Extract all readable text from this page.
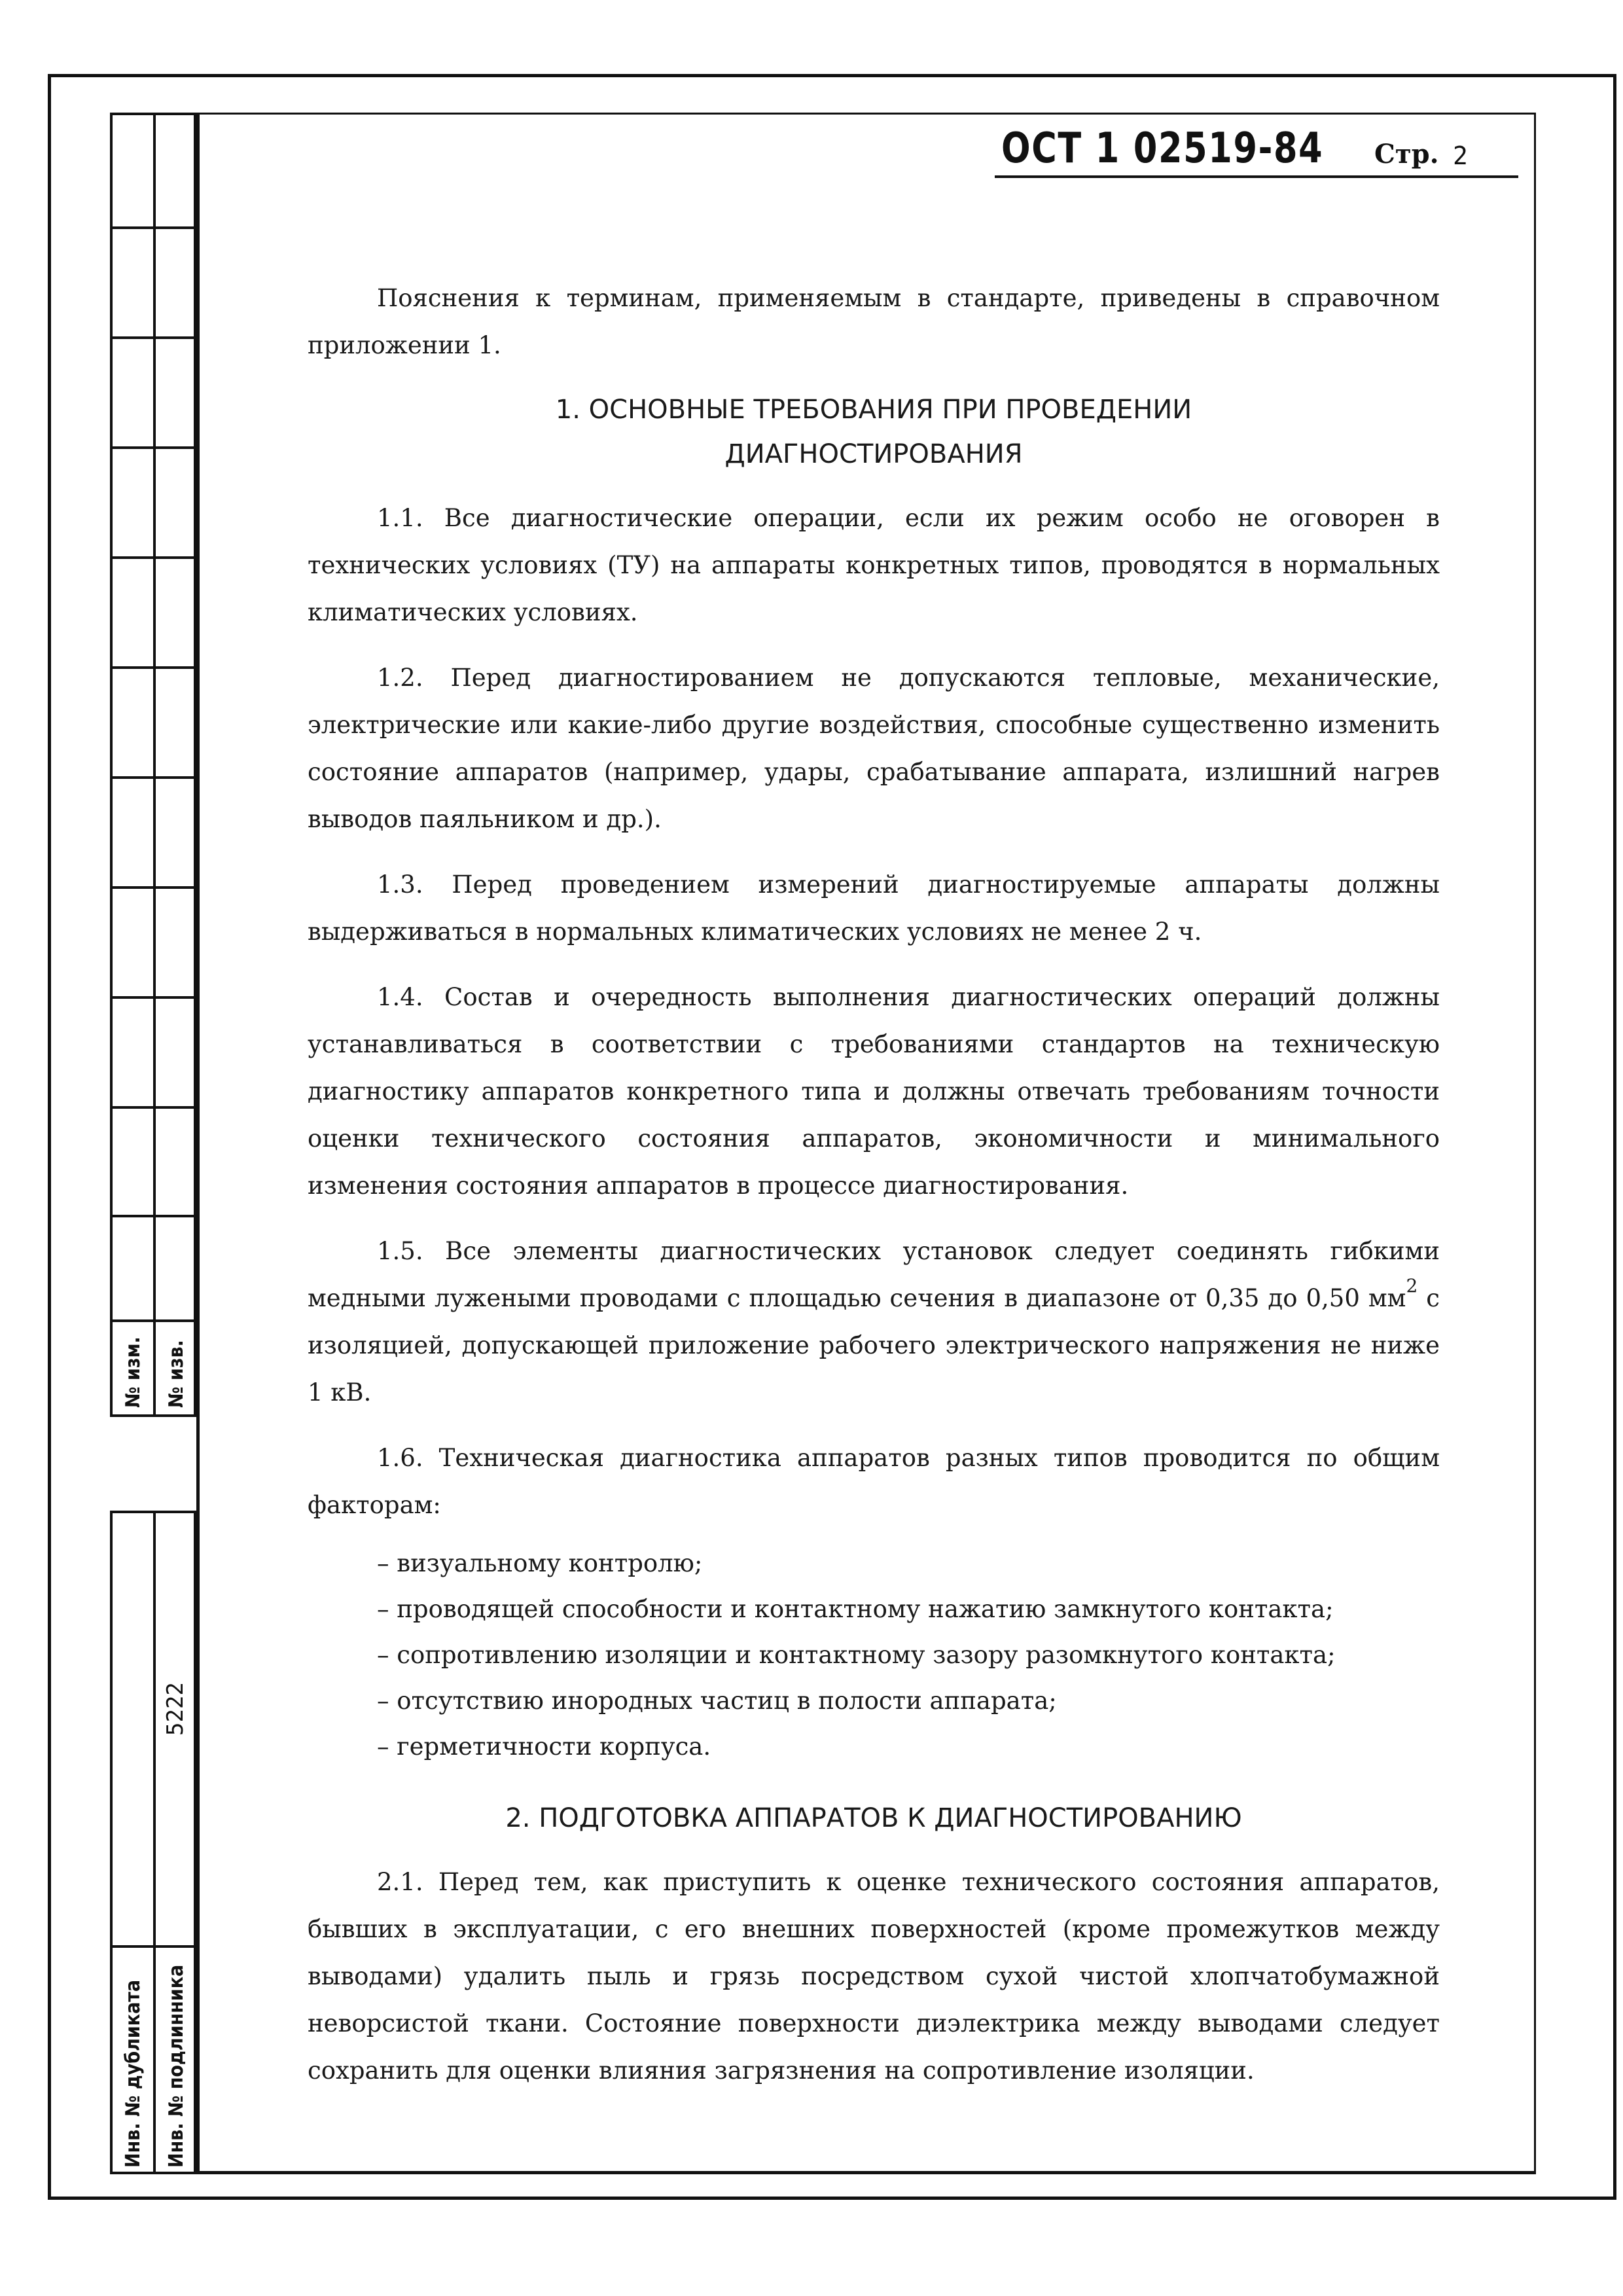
№ изм. № изв.
5222
Инв. № дубликата Инв. № подлинника
ОСТ 1 02519-84 Стр. 2

Пояснения к терминам, применяемым в стандарте, приведены в справочном приложении 1.

1. ОСНОВНЫЕ ТРЕБОВАНИЯ ПРИ ПРОВЕДЕНИИ
ДИАГНОСТИРОВАНИЯ

1.1. Все диагностические операции, если их режим особо не оговорен в технических условиях (ТУ) на аппараты конкретных типов, проводятся в нормальных климатических условиях.

1.2. Перед диагностированием не допускаются тепловые, механические, электрические или какие-либо другие воздействия, способные существенно изменить состояние аппаратов (например, удары, срабатывание аппарата, излишний нагрев выводов паяльником и др.).

1.3. Перед проведением измерений диагностируемые аппараты должны выдерживаться в нормальных климатических условиях не менее 2 ч.

1.4. Состав и очередность выполнения диагностических операций должны устанавливаться в соответствии с требованиями стандартов на техническую диагностику аппаратов конкретного типа и должны отвечать требованиям точности оценки технического состояния аппаратов, экономичности и минимального изменения состояния аппаратов в процессе диагностирования.

1.5. Все элементы диагностических установок следует соединять гибкими медными лужеными проводами с площадью сечения в диапазоне от 0,35 до 0,50 $мм^2$ с изоляцией, допускающей приложение рабочего электрического напряжения не ниже 1 кВ.

1.6. Техническая диагностика аппаратов разных типов проводится по общим факторам:

– визуальному контролю;
– проводящей способности и контактному нажатию замкнутого контакта;
– сопротивлению изоляции и контактному зазору разомкнутого контакта;
– отсутствию инородных частиц в полости аппарата;
– герметичности корпуса.
2. ПОДГОТОВКА АППАРАТОВ К ДИАГНОСТИРОВАНИЮ

2.1. Перед тем, как приступить к оценке технического состояния аппаратов, бывших в эксплуатации, с его внешних поверхностей (кроме промежутков между выводами) удалить пыль и грязь посредством сухой чистой хлопчатобумажной неворсистой ткани. Состояние поверхности диэлектрика между выводами следует сохранить для оценки влияния загрязнения на сопротивление изоляции.
